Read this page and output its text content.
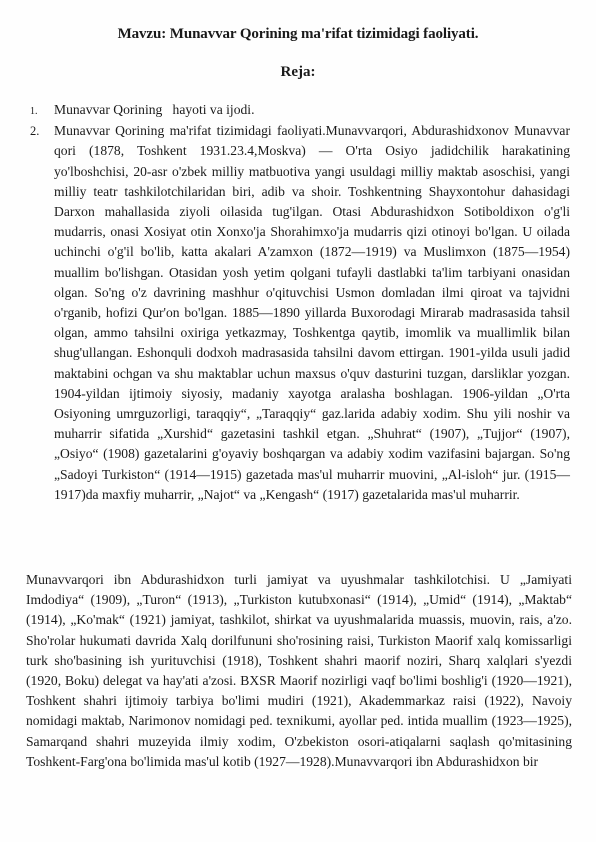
Mavzu: Munavvar Qorining ma'rifat tizimidagi faoliyati.
Reja:
1. Munavvar Qorining   hayoti va ijodi.
2. Munavvar Qorining ma'rifat tizimidagi faoliyati.Munavvarqori, Abdurashidxonov Munavvar qori (1878, Toshkent 1931.23.4,Moskva) — O'rta Osiyo jadidchilik harakatining yo'lboshchisi, 20-asr o'zbek milliy matbuotiva yangi usuldagi milliy maktab asoschisi, yangi milliy teatr tashkilotchilaridan biri, adib va shoir. Toshkentning Shayxontohur dahasidagi Darxon mahallasida ziyoli oilasida tug'ilgan. Otasi Abdurashidxon Sotiboldixon o'g'li mudarris, onasi Xosiyat otin Xonxo'ja Shorahimxo'ja mudarris qizi otinoyi bo'lgan. U oilada uchinchi o'g'il bo'lib, katta akalari A'zamxon (1872—1919) va Muslimxon (1875—1954) muallim bo'lishgan. Otasidan yosh yetim qolgani tufayli dastlabki ta'lim tarbiyani onasidan olgan. So'ng o'z davrining mashhur o'qituvchisi Usmon domladan ilmi qiroat va tajvidni o'rganib, hofizi Qur'on bo'lgan. 1885—1890 yillarda Buxorodagi Mirarab madrasasida tahsil olgan, ammo tahsilni oxiriga yetkazmay, Toshkentga qaytib, imomlik va muallimlik bilan shug'ullangan. Eshonquli dodxoh madrasasida tahsilni davom ettirgan. 1901-yilda usuli jadid maktabini ochgan va shu maktablar uchun maxsus o'quv dasturini tuzgan, darsliklar yozgan. 1904-yildan ijtimoiy siyosiy, madaniy xayotga aralasha boshlagan. 1906-yildan „O'rta Osiyoning umrguzorligi, taraqqiy“, „Taraqqiy“ gaz.larida adabiy xodim. Shu yili noshir va muharrir sifatida „Xurshid“ gazetasini tashkil etgan. „Shuhrat“ (1907), „Tujjor“ (1907), „Osiyo“ (1908) gazetalarini g'oyaviy boshqargan va adabiy xodim vazifasini bajargan. So'ng „Sadoyi Turkiston“ (1914—1915) gazetada mas'ul muharrir muovini, „Al-isloh“ jur. (1915—1917)da maxfiy muharrir, „Najot“ va „Kengash“ (1917) gazetalarida mas'ul muharrir.

Munavvarqori ibn Abdurashidxon turli jamiyat va uyushmalar tashkilotchisi. U „Jamiyati Imdodiya“ (1909), „Turon“ (1913), „Turkiston kutubxonasi“ (1914), „Umid“ (1914), „Maktab“ (1914), „Ko'mak“ (1921) jamiyat, tashkilot, shirkat va uyushmalarida muassis, muovin, rais, a'zo. Sho'rolar hukumati davrida Xalq dorilfununi sho'rosining raisi, Turkiston Maorif xalq komissarligi turk sho'basining ish yurituvchisi (1918), Toshkent shahri maorif noziri, Sharq xalqlari s'yezdi (1920, Boku) delegat va hay'ati a'zosi. BXSR Maorif nozirligi vaqf bo'limi boshlig'i (1920—1921), Toshkent shahri ijtimoiy tarbiya bo'limi mudiri (1921), Akademmarkaz raisi (1922), Navoiy nomidagi maktab, Narimonov nomidagi ped. texnikumi, ayollar ped. intida muallim (1923—1925), Samarqand shahri muzeyida ilmiy xodim, O'zbekiston osori-atiqalarni saqlash qo'mitasining Toshkent-Farg'ona bo'limida mas'ul kotib (1927—1928).Munavvarqori ibn Abdurashidxon bir
